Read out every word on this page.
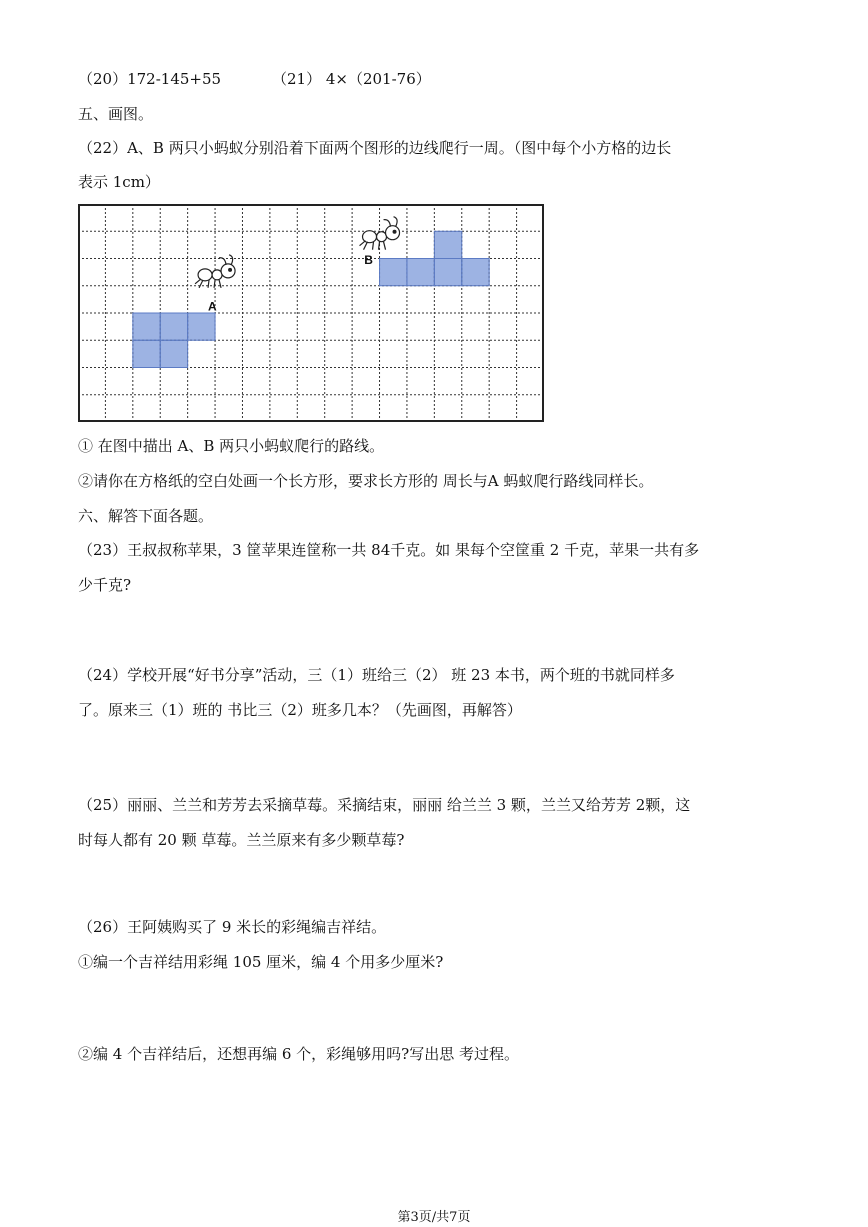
（20）172-145+55	（21） 4×（201-76）
五、画图。
（22）A、B 两只小蚂蚁分别沿着下面两个图形的边线爬行一周。（图中每个小方格的边长
表示 1cm）
A
B
① 在图中描出 A、B 两只小蚂蚁爬行的路线。
②请你在方格纸的空白处画一个长方形，要求长方形的 周长与A 蚂蚁爬行路线同样长。
六、解答下面各题。
（23）王叔叔称苹果，3 筐苹果连筐称一共 84千克。如 果每个空筐重 2 千克，苹果一共有多
少千克?
（24）学校开展“好书分享”活动，三（1）班给三（2） 班 23 本书，两个班的书就同样多
了。原来三（1）班的 书比三（2）班多几本？（先画图，再解答）
（25）丽丽、兰兰和芳芳去采摘草莓。采摘结束，丽丽 给兰兰 3 颗，兰兰又给芳芳 2颗，这
时每人都有 20 颗 草莓。兰兰原来有多少颗草莓?
（26）王阿姨购买了 9 米长的彩绳编吉祥结。
①编一个吉祥结用彩绳 105 厘米，编 4 个用多少厘米?
②编 4 个吉祥结后，还想再编 6 个，彩绳够用吗?写出思 考过程。
第3页/共7页
